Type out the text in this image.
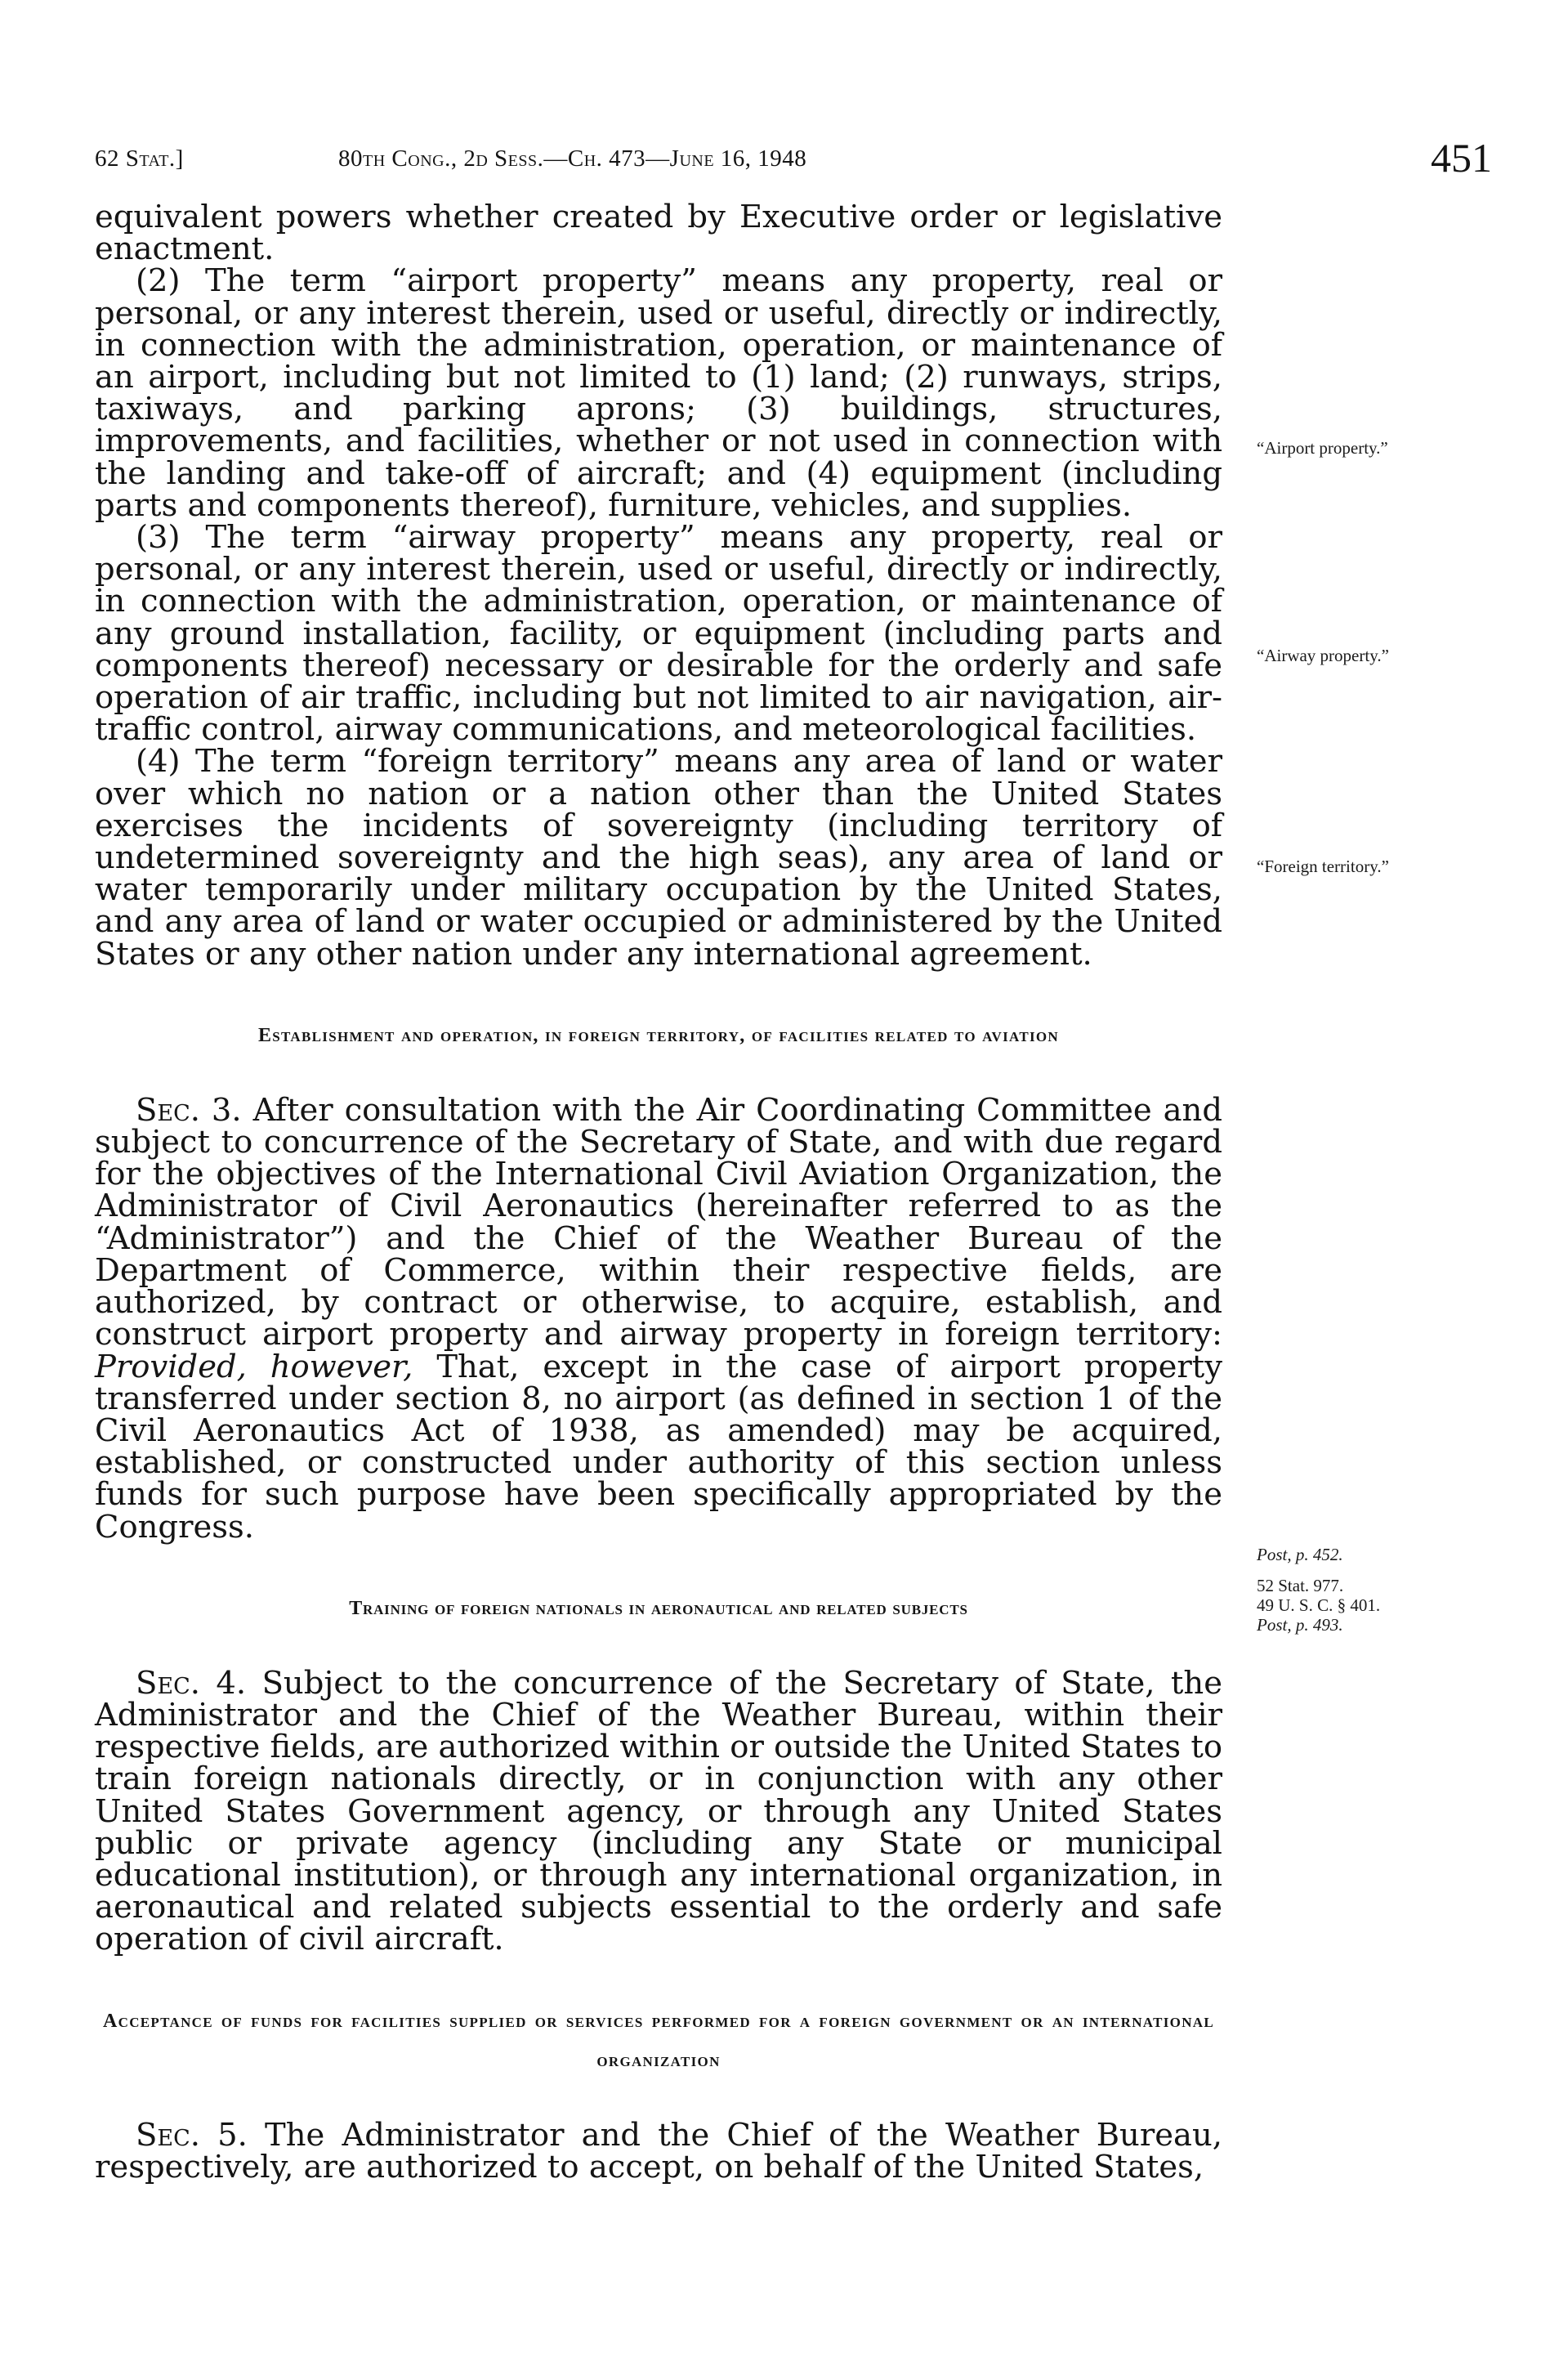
62 Stat.]	80th Cong., 2d Sess.—Ch. 473—June 16, 1948	451

equivalent powers whether created by Executive order or legislative enactment.

(2) The term “airport property” means any property, real or personal, or any interest therein, used or useful, directly or indirectly, in connection with the administration, operation, or maintenance of an airport, including but not limited to (1) land; (2) runways, strips, taxiways, and parking aprons; (3) buildings, structures, improvements, and facilities, whether or not used in connection with the landing and take-off of aircraft; and (4) equipment (including parts and components thereof), furniture, vehicles, and supplies.

(3) The term “airway property” means any property, real or personal, or any interest therein, used or useful, directly or indirectly, in connection with the administration, operation, or maintenance of any ground installation, facility, or equipment (including parts and components thereof) necessary or desirable for the orderly and safe operation of air traffic, including but not limited to air navigation, air-traffic control, airway communications, and meteorological facilities.

(4) The term “foreign territory” means any area of land or water over which no nation or a nation other than the United States exercises the incidents of sovereignty (including territory of undetermined sovereignty and the high seas), any area of land or water temporarily under military occupation by the United States, and any area of land or water occupied or administered by the United States or any other nation under any international agreement.

Establishment and operation, in foreign territory, of facilities related to aviation

Sec. 3. After consultation with the Air Coordinating Committee and subject to concurrence of the Secretary of State, and with due regard for the objectives of the International Civil Aviation Organization, the Administrator of Civil Aeronautics (hereinafter referred to as the “Administrator”) and the Chief of the Weather Bureau of the Department of Commerce, within their respective fields, are authorized, by contract or otherwise, to acquire, establish, and construct airport property and airway property in foreign territory: Provided, however, That, except in the case of airport property transferred under section 8, no airport (as defined in section 1 of the Civil Aeronautics Act of 1938, as amended) may be acquired, established, or constructed under authority of this section unless funds for such purpose have been specifically appropriated by the Congress.

Training of foreign nationals in aeronautical and related subjects

Sec. 4. Subject to the concurrence of the Secretary of State, the Administrator and the Chief of the Weather Bureau, within their respective fields, are authorized within or outside the United States to train foreign nationals directly, or in conjunction with any other United States Government agency, or through any United States public or private agency (including any State or municipal educational institution), or through any international organization, in aeronautical and related subjects essential to the orderly and safe operation of civil aircraft.

Acceptance of funds for facilities supplied or services performed for a foreign government or an international organization

Sec. 5. The Administrator and the Chief of the Weather Bureau, respectively, are authorized to accept, on behalf of the United States,

“Airport property.”
“Airway property.”
“Foreign territory.”
Post, p. 452.
52 Stat. 977.
49 U. S. C. § 401.
Post, p. 493.
